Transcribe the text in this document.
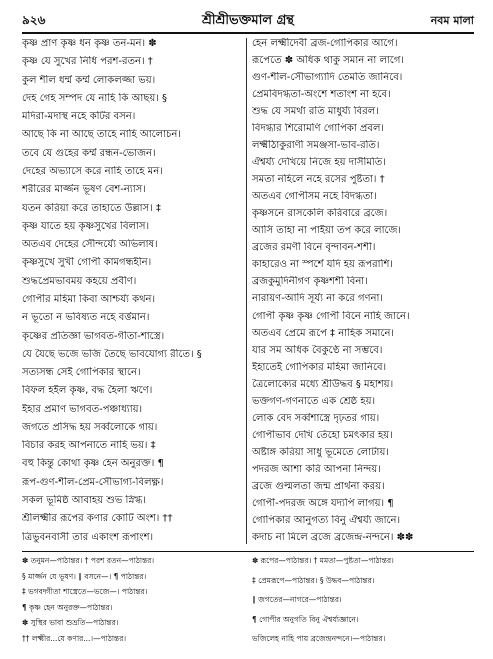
৯২৬	শ্রীশ্রীভক্তমাল গ্রন্থ	নবম মালা
কৃষ্ণ প্রাণ কৃষ্ণ ধন কৃষ্ণ তন-মন। ✽
কৃষ্ণ যে সুখের নিধি পরশ-রতন। †
কুল শীল ধর্ম্ম কর্ম্ম লোকলজ্জা ভয়।
দেহ গেহ সম্পদ যে নাহি কি আছয়। §
মদিরা-মদাস্থ নহে কটির বসন।
আছে কি না আছে তাহে নাহি আলোচন।
তবে যে গুহের কর্ম্ম রন্ধন-ভোজন।
দেহের অভ্যাসে করে নাহি তাহে মন।
শরীরের মার্জ্জন ভূষণ বেশ-ন্যাস।
যতন করিয়া করে তাহাতে উল্লাস। ‡
কৃষ্ণ যাতে হয় কৃষ্ণসুখের বিলাস।
অতএব দেহের সৌন্দর্য্যে অভিলাষ।
কৃষ্ণসুখে সুখী গোপী কামগন্ধহীন।
শুদ্ধপ্রেমভাবময় কহয়ে প্রবীণ।
গোপীর মহিমা কিবা আশ্চর্য্য কথন।
ন ভূতো ন ভবিষ্যত নহে বর্ত্তমান।
কৃষ্ণের প্রতিজ্ঞা ভাগবত-গীতা-শাস্ত্রে।
যে যৈছে ভজে ভজি তৈছে ভাবযোগ্য রীতে। §
সত্যসন্ধ সেই গোপিকার স্থানে।
বিফল হইল কৃষ্ণ, বদ্ধ হৈলা ঋণে।
ইহার প্রমাণ ভাগবত-পঞ্চাধ্যায়।
জগতে প্রসিদ্ধ হয় সর্ব্বলোকে গায়।
বিচার করহ আপনাতে নাহি ভয়। ‡
বহু কিন্তু কোথা কৃষ্ণ হেন অনুরক্ত। ¶
রূপ-গুণ-শীল-প্রেম-সৌভাগ্য-বিলক্ষ্ণ।
সকল ভূমিষ্ঠ আবাহয় শুভ স্নিগ্ধ।
শ্রীলক্ষ্মীর রূপের কণার কোটি অংশ। ††
ত্রিভুবনবাসী তার একাংশ রূপাংশ।
হেন লক্ষ্মীদেবী ব্রজ-গোপিকার আগে।
রূপেতে ✽ অধিক থাকু সমান না লাগে।
গুণ-শীল-সৌভাগ্যাদি তেমতি জানিবে।
প্রেমবিদগ্ধতা-অংশে শতাংশ না হবে।
শুদ্ধ যে সমর্থা রতি মাধুর্য্য বিরল।
বিদগ্ধার শিরোমণি গোপিকা প্রবল।
লক্ষ্মীঠাকুরাণী সমঞ্জসা-ভাব-রতি।
ঐশ্বর্য্য দেখিয়ে নিজে হয় দাসীমতি।
সমতা নহিলে নহে রসের পুষ্টতা। †
অতএব গোপীসম নহে বিদগ্ধতা।
কৃষ্ণসনে রাসকেলি করিবারে ব্রজে।
আসি তাহা না পাইয়া তপ করে লাজে।
ব্রজের রমণী বিনে বৃন্দাবন-শশী।
কাহারেও না স্পর্শে যদি হয় রূপরাশি।
ব্রজকুমুদিনীগণ কৃষ্ণশশী বিনা।
নারায়ণ-আদি সূর্য্য না করে গণনা।
গোপী কৃষ্ণ কৃষ্ণ গোপী বিনে নাহি জানে।
অতএব প্রেমে রূপে ‡ নাহিক সমানে।
যার সম অধিক বৈকুণ্ঠে না সম্ভবে।
ইহাতেই গোপিকার মহিমা জানিবে।
ত্রৈলোক্যের মধ্যে শ্রীউদ্ধব § মহাশয়।
ভক্তগণ-গণনাতে এক শ্রেষ্ঠ হয়।
লোক বেদ সর্ব্বশাস্ত্রে দৃঢ়তর গায়।
গোপীভাব দেখি তেঁহো চমৎকার হয়।
অষ্টাঙ্গ করিয়া সাধু ভূমেতে লোটায়।
পদরজ আশা করি আপনা নিন্দয়।
ব্রজে গুল্মলতা জন্ম প্রার্থনা করয়।
গোপী-পদরজ অঙ্গে যদ্যপি লাগয়। ¶
গোপিকার আনুগত্য বিনু ঐশ্বর্য্য জানে।
কদাচ না মিলে ব্রজে ব্রজেন্দ্র-নন্দনে। ✽✽
✽ তনুমন—পাঠান্তর। † পরশ রতন—পাঠান্তর।
§ মার্জ্জন যে ভূষণ। ∥ বসনে—। ¶ পাঠান্তর।
‡ ভগবদ্গীতা শাস্ত্রেতে—ভজে—। পাঠান্তর।
¶ কৃষ্ণ হেন অনুরক্ত—পাঠান্তর।
✽ সুস্থির ভাবা শুভ্রতি—পাঠান্তর।
†† লক্ষ্মীর...যে কণার...।—পাঠান্তর।
✽ রূপের—পাঠান্তর। † মমতা—পুষ্টতা—পাঠান্তর।
‡ প্রেমরূপে—পাঠান্তর। § উদ্ধব—পাঠান্তর।
∥ জগতের—নাগরে—পাঠান্তর।
¶ গোপীর অনুগতি বিনু ঐশ্বর্য্যজ্ঞানে।
ভজিলেহ নাহি পায় ব্রজেন্দ্রনন্দনে।—পাঠান্তর।
